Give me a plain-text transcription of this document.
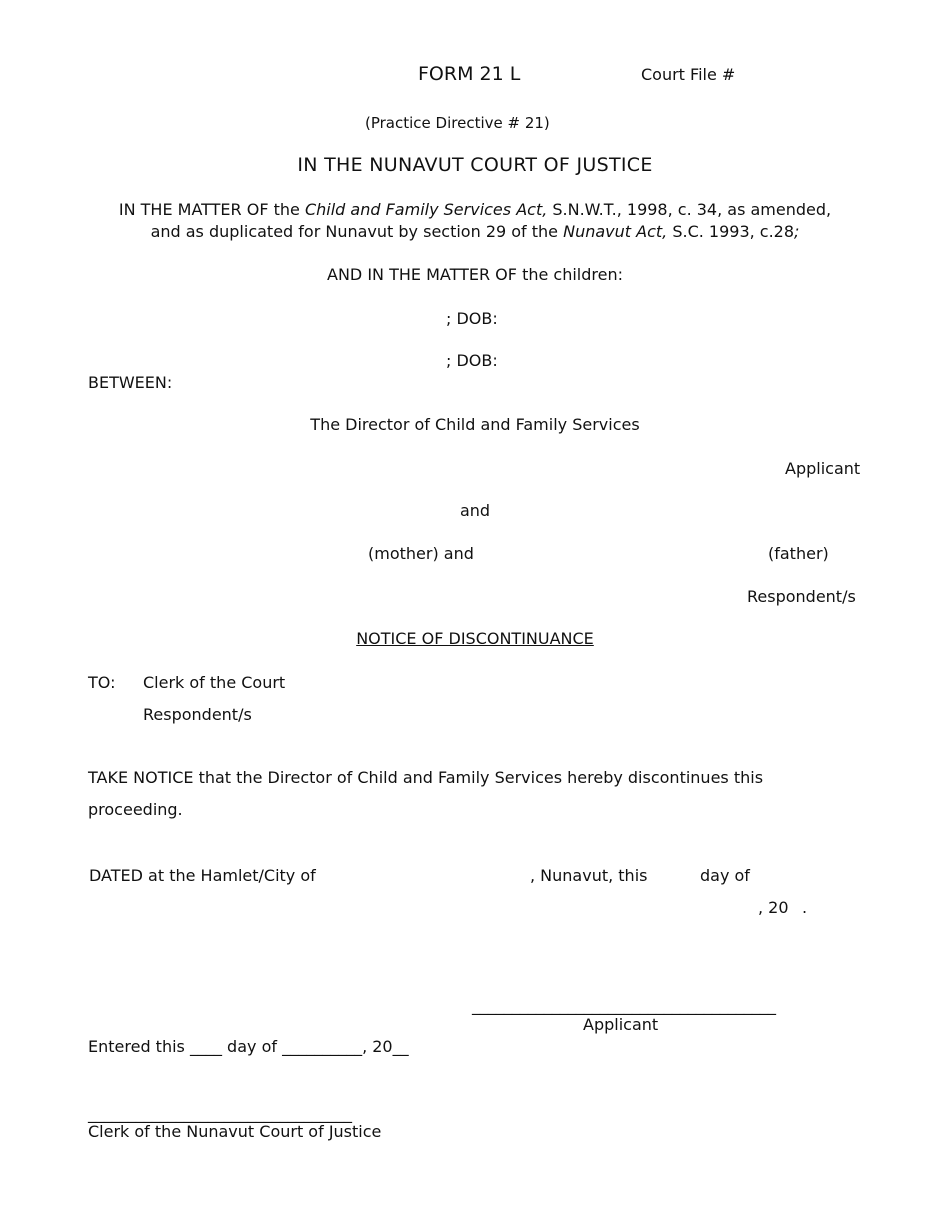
FORM 21 L	Court File #
(Practice Directive # 21)
IN THE NUNAVUT COURT OF JUSTICE
IN THE MATTER OF the Child and Family Services Act, S.N.W.T., 1998, c. 34, as amended,
and as duplicated for Nunavut by section 29 of the Nunavut Act, S.C. 1993, c.28;
AND IN THE MATTER OF the children:
; DOB:
; DOB:
BETWEEN:
The Director of Child and Family Services
Applicant
and
(mother) and	(father)
Respondent/s
NOTICE OF DISCONTINUANCE
TO: Clerk of the Court
Respondent/s
TAKE NOTICE that the Director of Child and Family Services hereby discontinues this proceeding.
DATED at the Hamlet/City of	, Nunavut, this	day of
, 20 .
______________________________________
Applicant
Entered this ____ day of __________, 20__
_________________________________
Clerk of the Nunavut Court of Justice
